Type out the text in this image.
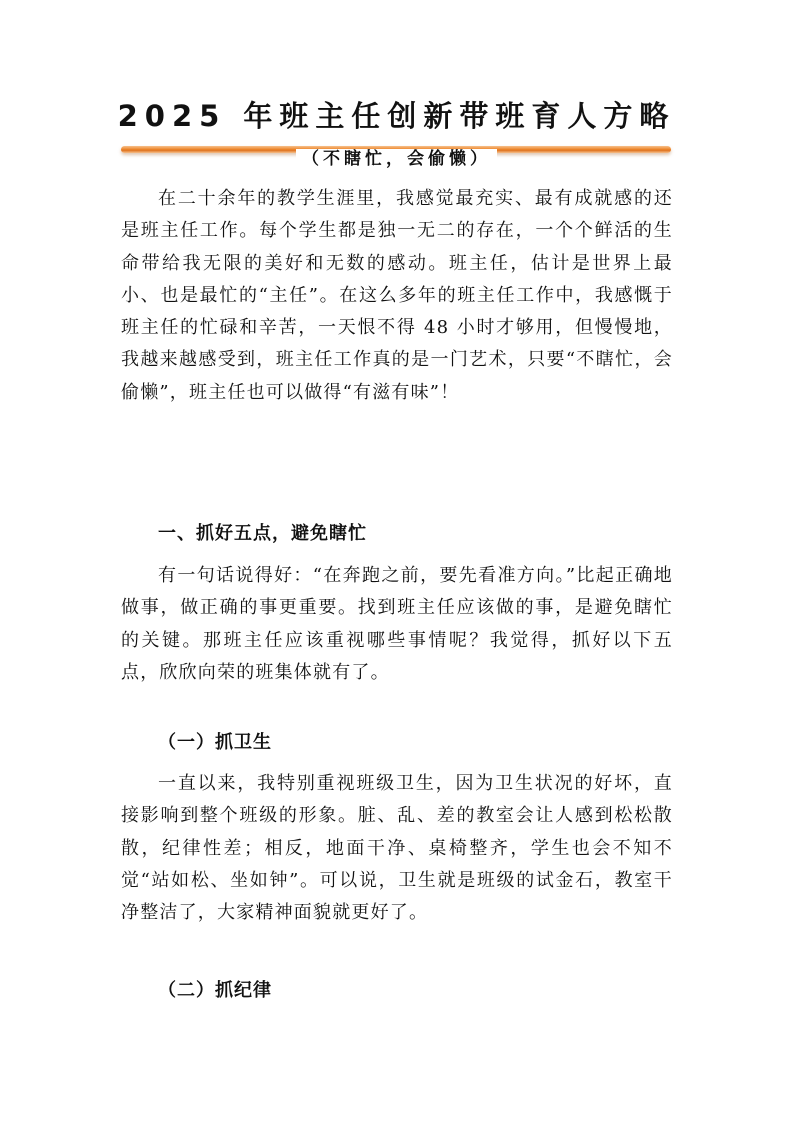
2025 年班主任创新带班育人方略
（不瞎忙，会偷懒）

在二十余年的教学生涯里，我感觉最充实、最有成就感的还是班主任工作。每个学生都是独一无二的存在，一个个鲜活的生命带给我无限的美好和无数的感动。班主任，估计是世界上最小、也是最忙的“主任”。在这么多年的班主任工作中，我感慨于班主任的忙碌和辛苦，一天恨不得 48 小时才够用，但慢慢地，我越来越感受到，班主任工作真的是一门艺术，只要“不瞎忙，会偷懒”，班主任也可以做得“有滋有味”！

一、抓好五点，避免瞎忙

有一句话说得好：“在奔跑之前，要先看准方向。”比起正确地做事，做正确的事更重要。找到班主任应该做的事，是避免瞎忙的关键。那班主任应该重视哪些事情呢？我觉得，抓好以下五点，欣欣向荣的班集体就有了。

（一）抓卫生

一直以来，我特别重视班级卫生，因为卫生状况的好坏，直接影响到整个班级的形象。脏、乱、差的教室会让人感到松松散散，纪律性差；相反，地面干净、桌椅整齐，学生也会不知不觉“站如松、坐如钟”。可以说，卫生就是班级的试金石，教室干净整洁了，大家精神面貌就更好了。

（二）抓纪律
